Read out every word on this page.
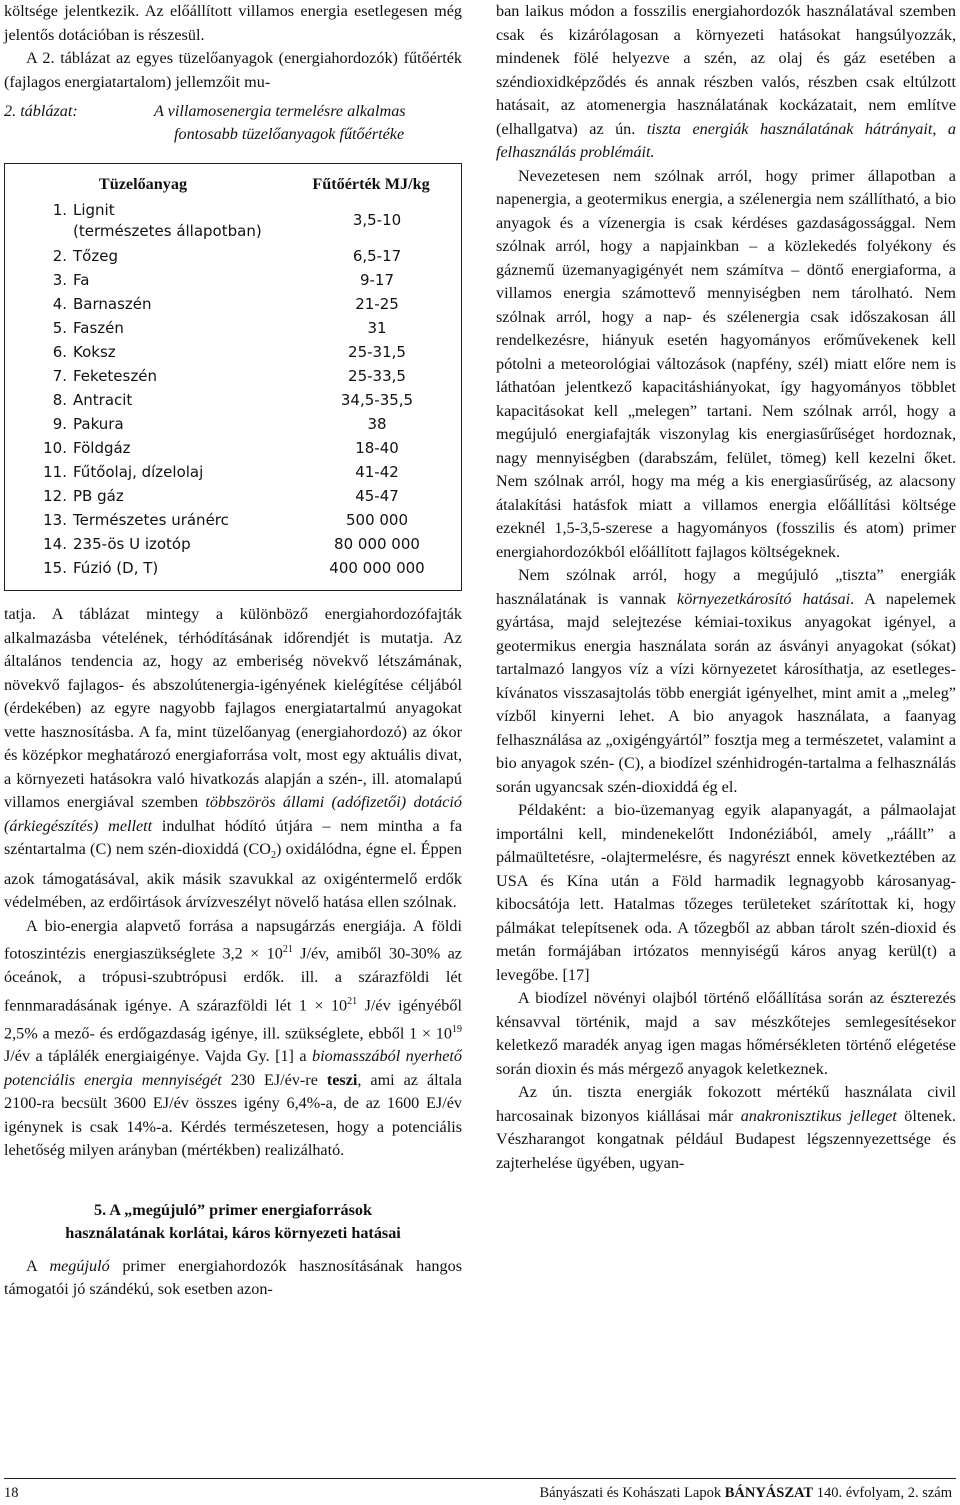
költsége jelentkezik. Az előállított villamos energia esetlegesen még jelentős dotációban is részesül.

A 2. táblázat az egyes tüzelőanyagok (energiahordozók) fűtőérték (fajlagos energiatartalom) jellemzőit mu-

2. táblázat:	A villamosenergia termelésre alkalmas
fontosabb tüzelőanyagok fűtőértéke
Tüzelőanyag	Fűtőérték MJ/kg
1. Lignit
(természetes állapotban)
3,5-10
2. Tőzeg	6,5-17
3. Fa	9-17
4. Barnaszén	21-25
5. Faszén	31
6. Koksz	25-31,5
7. Feketeszén	25-33,5
8. Antracit	34,5-35,5
9. Pakura	38
10. Földgáz	18-40
11. Fűtőolaj, dízelolaj	41-42
12. PB gáz	45-47
13. Természetes uránérc	500 000
14. 235-ös U izotóp	80 000 000
15. Fúzió (D, T)	400 000 000

tatja. A táblázat mintegy a különböző energiahordozófajták alkalmazásba vételének, térhódításának időrendjét is mutatja. Az általános tendencia az, hogy az emberiség növekvő létszámának, növekvő fajlagos- és abszolútenergia-igényének kielégítése céljából (érdekében) az egyre nagyobb fajlagos energiatartalmú anyagokat vette hasznosításba. A fa, mint tüzelőanyag (energiahordozó) az ókor és középkor meghatározó energiaforrása volt, most egy aktuális divat, a környezeti hatásokra való hivatkozás alapján a szén-, ill. atomalapú villamos energiával szemben többszörös állami (adófizetői) dotáció (árkiegészítés) mellett indulhat hódító útjára – nem mintha a fa széntartalma (C) nem szén-dioxiddá $(CO_2)$ oxidálódna, égne el. Éppen azok támogatásával, akik másik szavukkal az oxigéntermelő erdők védelmében, az erdőirtások árvízveszélyt növelő hatása ellen szólnak.

A bio-energia alapvető forrása a napsugárzás energiája. A földi fotoszintézis energiaszükséglete $3,2 \times 10^{21}$ J/év, amiből 30-30% az óceánok, a trópusi-szubtrópusi erdők. ill. a szárazföldi lét fennmaradásának igénye. A szárazföldi lét $1 \times 10^{21}$ J/év igényéből 2,5% a mező- és erdőgazdaság igénye, ill. szükséglete, ebből $1 \times 10^{19}$ J/év a táplálék energiaigénye. Vajda Gy. [1] a biomasszából nyerhető potenciális energia mennyiségét 230 EJ/év-re teszi, ami az általa 2100-ra becsült 3600 EJ/év összes igény 6,4%-a, de az 1600 EJ/év igénynek is csak 14%-a. Kérdés természetesen, hogy a potenciális lehetőség milyen arányban (mértékben) realizálható.

5. A „megújuló” primer energiaforrások
használatának korlátai, káros környezeti hatásai

A megújuló primer energiahordozók hasznosításának hangos támogatói jó szándékú, sok esetben azon-

ban laikus módon a fosszilis energiahordozók használatával szemben csak és kizárólagosan a környezeti hatásokat hangsúlyozzák, mindenek fölé helyezve a szén, az olaj és gáz esetében a széndioxidképződés és annak részben valós, részben csak eltúlzott hatásait, az atomenergia használatának kockázatait, nem említve (elhallgatva) az ún. tiszta energiák használatának hátrányait, a felhasználás problémáit.

Nevezetesen nem szólnak arról, hogy primer állapotban a napenergia, a geotermikus energia, a szélenergia nem szállítható, a bio anyagok és a vízenergia is csak kérdéses gazdaságossággal. Nem szólnak arról, hogy a napjainkban – a közlekedés folyékony és gáznemű üzemanyagigényét nem számítva – döntő energiaforma, a villamos energia számottevő mennyiségben nem tárolható. Nem szólnak arról, hogy a nap- és szélenergia csak időszakosan áll rendelkezésre, hiányuk esetén hagyományos erőművekenek kell pótolni a meteorológiai változások (napfény, szél) miatt előre nem is láthatóan jelentkező kapacitáshiányokat, így hagyományos többlet kapacitásokat kell „melegen” tartani. Nem szólnak arról, hogy a megújuló energiafajták viszonylag kis energiasűrűséget hordoznak, nagy mennyiségben (darabszám, felület, tömeg) kell kezelni őket. Nem szólnak arról, hogy ma még a kis energiasűrűség, az alacsony átalakítási hatásfok miatt a villamos energia előállítási költsége ezeknél 1,5-3,5-szerese a hagyományos (fosszilis és atom) primer energiahordozókból előállított fajlagos költségeknek.

Nem szólnak arról, hogy a megújuló „tiszta” energiák használatának is vannak környezetkárosító hatásai. A napelemek gyártása, majd selejtezése kémiai-toxikus anyagokat igényel, a geotermikus energia használata során az ásványi anyagokat (sókat) tartalmazó langyos víz a vízi környezetet károsíthatja, az esetleges-kívánatos visszasajtolás több energiát igényelhet, mint amit a „meleg” vízből kinyerni lehet. A bio anyagok használata, a faanyag felhasználása az „oxigéngyártól” fosztja meg a természetet, valamint a bio anyagok szén- (C), a biodízel szénhidrogén-tartalma a felhasználás során ugyancsak szén-dioxiddá ég el.

Példaként: a bio-üzemanyag egyik alapanyagát, a pálmaolajat importálni kell, mindenekelőtt Indonéziából, amely „ráállt” a pálmaültetésre, -olajtermelésre, és nagyrészt ennek következtében az USA és Kína után a Föld harmadik legnagyobb károsanyag-kibocsátója lett. Hatalmas tőzeges területeket szárítottak ki, hogy pálmákat telepítsenek oda. A tőzegből az abban tárolt szén-dioxid és metán formájában irtózatos mennyiségű káros anyag kerül(t) a levegőbe. [17]

A biodízel növényi olajból történő előállítása során az észterezés kénsavval történik, majd a sav mészkőtejes semlegesítésekor keletkező maradék anyag igen magas hőmérsékleten történő elégetése során dioxin és más mérgező anyagok keletkeznek.

Az ún. tiszta energiák fokozott mértékű használata civil harcosainak bizonyos kiállásai már anakronisztikus jelleget öltenek. Vészharangot kongatnak például Budapest légszennyezettsége és zajterhelése ügyében, ugyan-

18	Bányászati és Kohászati Lapok BÁNYÁSZAT 140. évfolyam, 2. szám
